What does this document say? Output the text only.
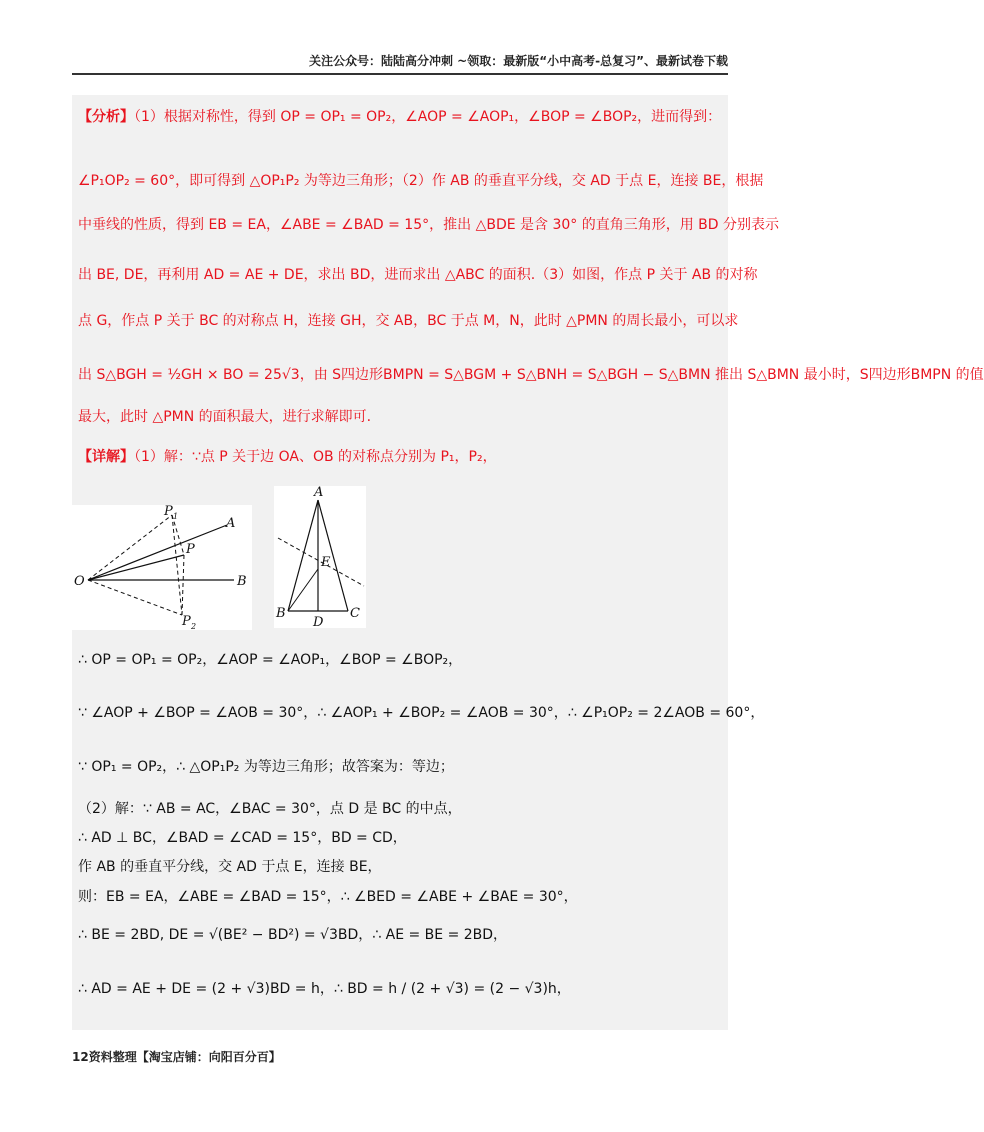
关注公众号：陆陆高分冲刺 ~领取：最新版“小中高考-总复习”、最新试卷下载
【分析】（1）根据对称性，得到 OP = OP₁ = OP₂，∠AOP = ∠AOP₁，∠BOP = ∠BOP₂，进而得到：
∠P₁OP₂ = 60°，即可得到 △OP₁P₂ 为等边三角形；（2）作 AB 的垂直平分线，交 AD 于点 E，连接 BE，根据
中垂线的性质，得到 EB = EA，∠ABE = ∠BAD = 15°，推出 △BDE 是含 30° 的直角三角形，用 BD 分别表示
出 BE, DE，再利用 AD = AE + DE，求出 BD，进而求出 △ABC 的面积.（3）如图，作点 P 关于 AB 的对称
点 G，作点 P 关于 BC 的对称点 H，连接 GH，交 AB，BC 于点 M，N，此时 △PMN 的周长最小，可以求
出 S△BGH = ½GH × BO = 25√3，由 S四边形BMPN = S△BGM + S△BNH = S△BGH − S△BMN 推出 S△BMN 最小时，S四边形BMPN 的值
最大，此时 △PMN 的面积最大，进行求解即可.
【详解】（1）解：∵点 P 关于边 OA、OB 的对称点分别为 P₁，P₂，
O
A
B
P
P 1
P 2
A
B	C
D
E
∴ OP = OP₁ = OP₂，∠AOP = ∠AOP₁，∠BOP = ∠BOP₂，
∵ ∠AOP + ∠BOP = ∠AOB = 30°，∴ ∠AOP₁ + ∠BOP₂ = ∠AOB = 30°，∴ ∠P₁OP₂ = 2∠AOB = 60°，
∵ OP₁ = OP₂，∴ △OP₁P₂ 为等边三角形；故答案为：等边；
（2）解：∵ AB = AC，∠BAC = 30°，点 D 是 BC 的中点，
∴ AD ⊥ BC，∠BAD = ∠CAD = 15°，BD = CD，
作 AB 的垂直平分线，交 AD 于点 E，连接 BE，
则：EB = EA，∠ABE = ∠BAD = 15°，∴ ∠BED = ∠ABE + ∠BAE = 30°，
∴ BE = 2BD, DE = √(BE² − BD²) = √3BD，∴ AE = BE = 2BD，
∴ AD = AE + DE = (2 + √3)BD = h，∴ BD = h / (2 + √3) = (2 − √3)h，
12资料整理【淘宝店铺：向阳百分百】
